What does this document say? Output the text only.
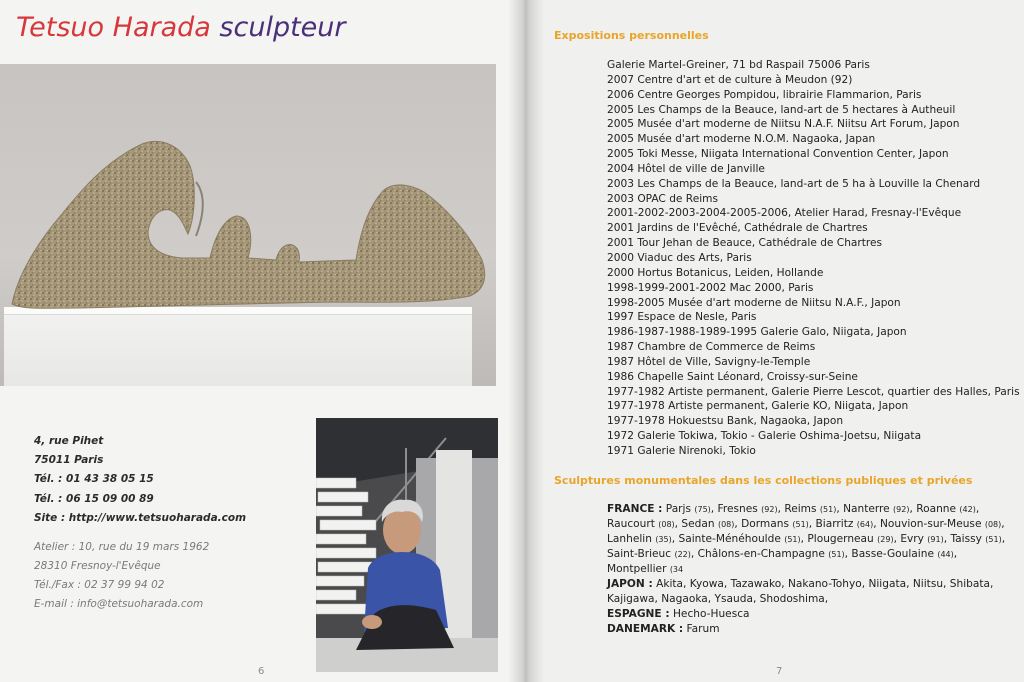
Tetsuo Harada sculpteur
4, rue Pihet
75011 Paris
Tél. : 01 43 38 05 15
Tél. : 06 15 09 00 89
Site : http://www.tetsuoharada.com
Atelier : 10, rue du 19 mars 1962
28310 Fresnoy-l'Evêque
Tél./Fax : 02 37 99 94 02
E-mail : info@tetsuoharada.com
6
Expositions personnelles
Galerie Martel-Greiner, 71 bd Raspail 75006 Paris
2007 Centre d'art et de culture à Meudon (92)
2006 Centre Georges Pompidou, librairie Flammarion, Paris
2005 Les Champs de la Beauce, land-art de 5 hectares à Autheuil
2005 Musée d'art moderne de Niitsu N.A.F. Niitsu Art Forum, Japon
2005 Musée d'art moderne N.O.M. Nagaoka, Japan
2005 Toki Messe, Niigata International Convention Center, Japon
2004 Hôtel de ville de Janville
2003 Les Champs de la Beauce, land-art de 5 ha à Louville la Chenard
2003 OPAC de Reims
2001-2002-2003-2004-2005-2006, Atelier Harad, Fresnay-l'Evêque
2001 Jardins de l'Evêché, Cathédrale de Chartres
2001 Tour Jehan de Beauce, Cathédrale de Chartres
2000 Viaduc des Arts, Paris
2000 Hortus Botanicus, Leiden, Hollande
1998-1999-2001-2002 Mac 2000, Paris
1998-2005 Musée d'art moderne de Niitsu N.A.F., Japon
1997 Espace de Nesle, Paris
1986-1987-1988-1989-1995 Galerie Galo, Niigata, Japon
1987 Chambre de Commerce de Reims
1987 Hôtel de Ville, Savigny-le-Temple
1986 Chapelle Saint Léonard, Croissy-sur-Seine
1977-1982 Artiste permanent, Galerie Pierre Lescot, quartier des Halles, Paris
1977-1978 Artiste permanent, Galerie KO, Niigata, Japon
1977-1978 Hokuestsu Bank, Nagaoka, Japon
1972 Galerie Tokiwa, Tokio - Galerie Oshima-Joetsu, Niigata
1971 Galerie Nirenoki, Tokio
Sculptures monumentales dans les collections publiques et privées
FRANCE : Parjs (75), Fresnes (92), Reims (51), Nanterre (92), Roanne (42), Raucourt (08), Sedan (08), Dormans (51), Biarritz (64), Nouvion-sur-Meuse (08), Lanhelin (35), Sainte-Ménéhoulde (51), Plougerneau (29), Evry (91), Taissy (51), Saint-Brieuc (22), Châlons-en-Champagne (51), Basse-Goulaine (44), Montpellier (34
JAPON : Akita, Kyowa, Tazawako, Nakano-Tohyo, Niigata, Niitsu, Shibata, Kajigawa, Nagaoka, Ysauda, Shodoshima,
ESPAGNE : Hecho-Huesca
DANEMARK : Farum
7
